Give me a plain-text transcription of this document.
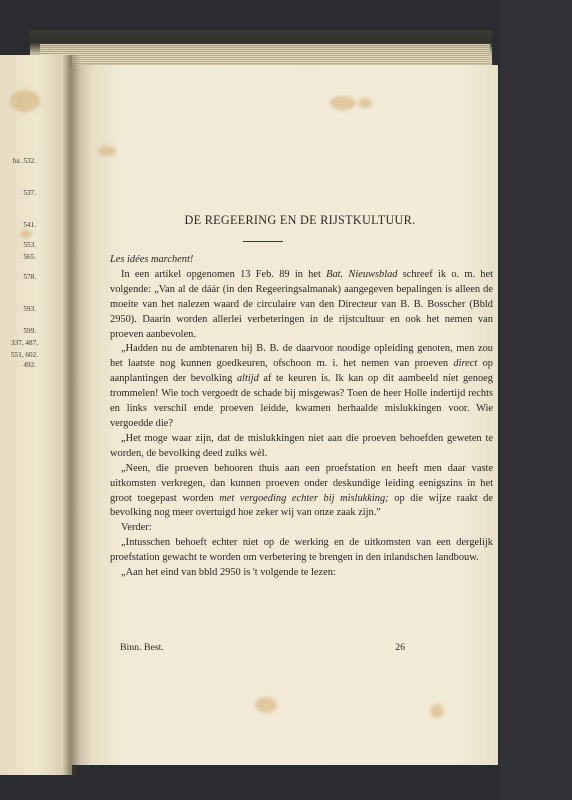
bz. 532.
537.
541.
553.
565.
578.
593.
599.
337, 487,
551, 602.
492.
DE REGEERING EN DE RIJSTKULTUUR.

Les idées marchent!

In een artikel opgenomen 13 Feb. 89 in het Bat. Nieuwsblad schreef ik o. m. het volgende: „Van al de dáár (in den Regeeringsalmanak) aangegeven bepalingen is alleen de moeite van het nalezen waard de circulaire van den Directeur van B. B. Bosscher (Bbld 2950). Daarin worden allerlei verbeteringen in de rijstcultuur en ook het nemen van proeven aanbevolen.

„Hadden nu de ambtenaren bij B. B. de daarvoor noodige opleiding genoten, men zou het laatste nog kunnen goedkeuren, ofschoon m. i. het nemen van proeven direct op aanplantingen der bevolking altijd af te keuren is. Ik kan op dit aambeeld niet genoeg trommelen! Wie toch vergoedt de schade bij misgewas? Toen de heer Holle indertijd rechts en links verschil ende proeven leidde, kwamen herhaalde mislukkingen voor. Wie vergoedde die?

„Het moge waar zijn, dat de mislukkingen niet aan die proeven behoefden geweten te worden, de bevolking deed zulks wèl.

„Neen, die proeven behooren thuis aan een proefstation en heeft men daar vaste uitkomsten verkregen, dan kunnen proeven onder deskundige leiding eenigszins in het groot toegepast worden met vergoeding echter bij mislukking; op die wijze raakt de bevolking nog meer overtuigd hoe zeker wij van onze zaak zijn.”

Verder:

„Intusschen behoeft echter niet op de werking en de uitkomsten van een dergelijk proefstation gewacht te worden om verbetering te brengen in den inlandschen landbouw.

„Aan het eind van bbld 2950 is 't volgende te lezen:

Binn. Best.	26
